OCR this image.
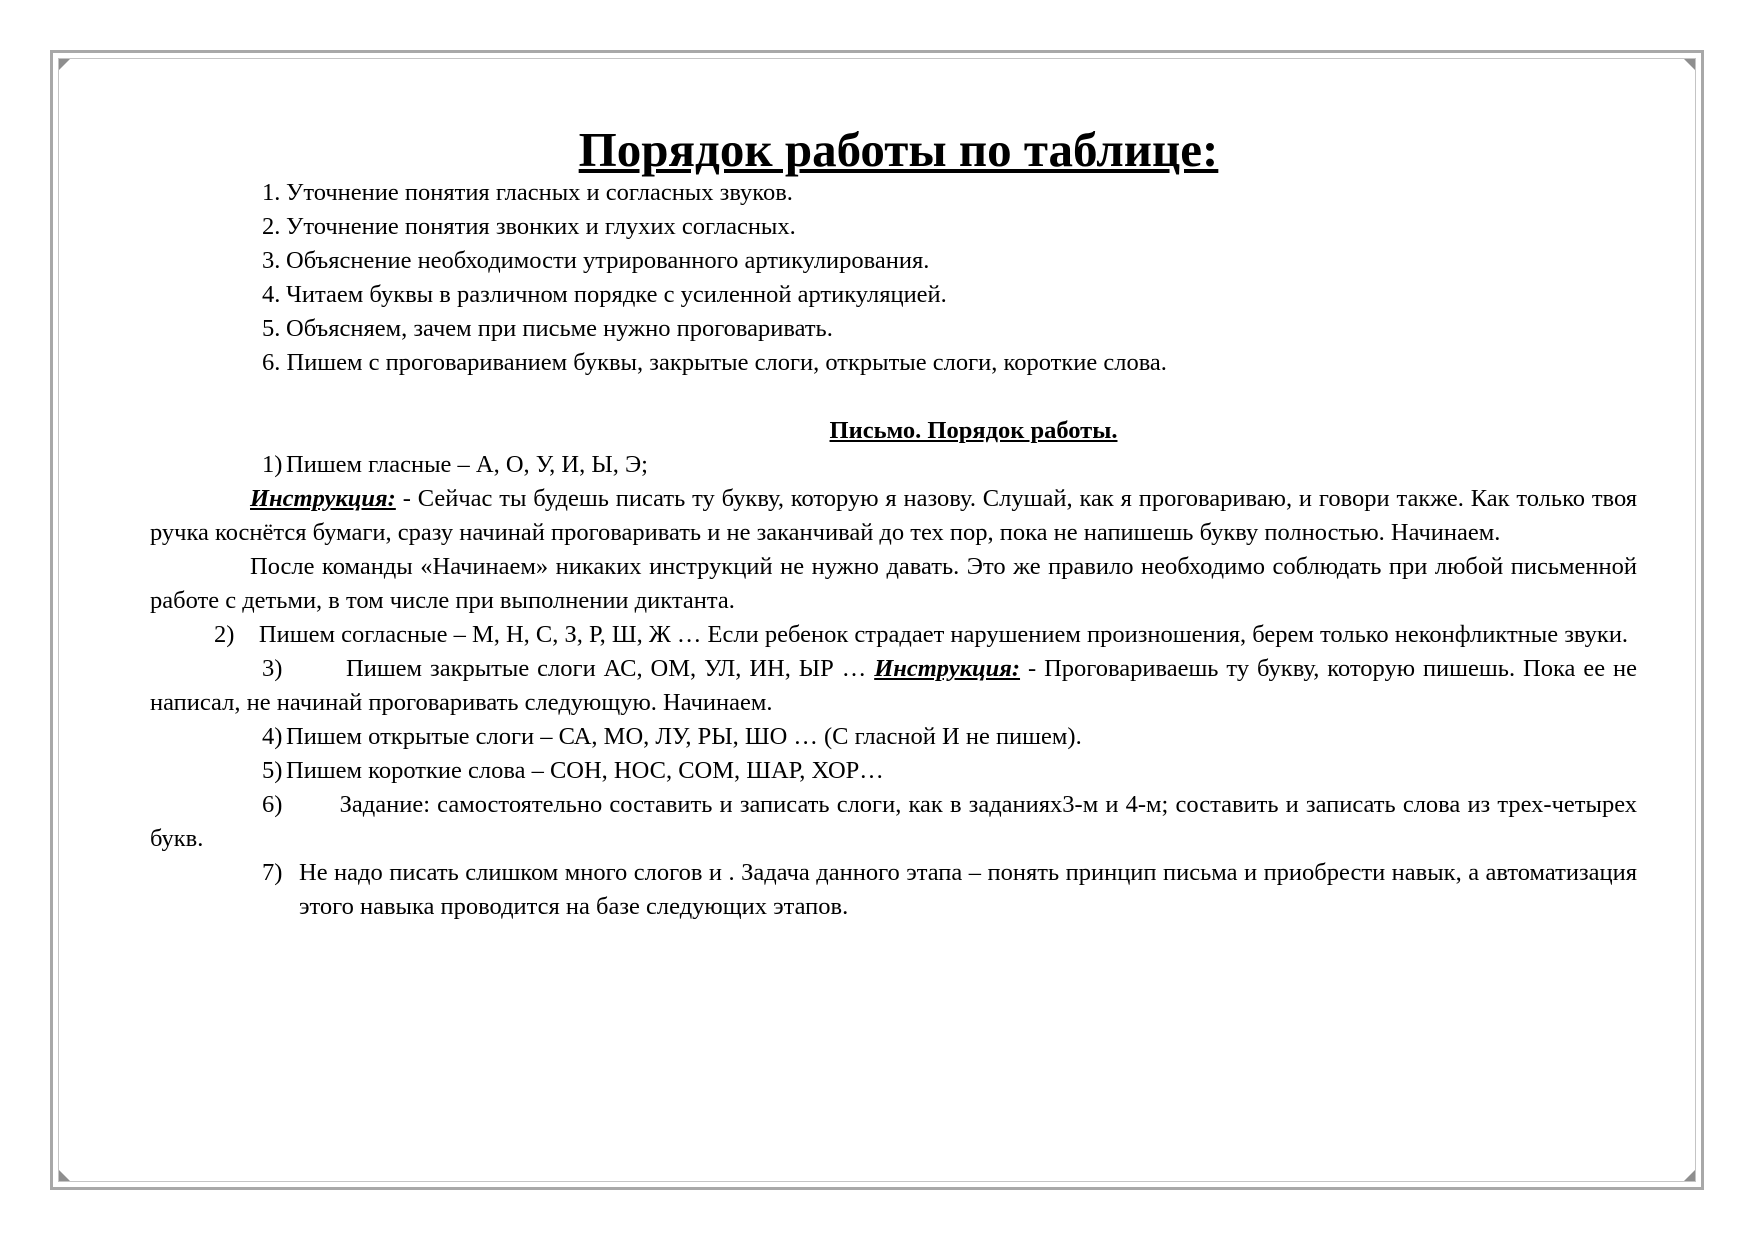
Порядок работы по таблице:
1. Уточнение понятия гласных и согласных звуков.
2. Уточнение понятия звонких и глухих согласных.
3. Объяснение необходимости утрированного артикулирования.
4. Читаем буквы в различном порядке с усиленной артикуляцией.
5. Объясняем, зачем при письме нужно проговаривать.
6. Пишем с проговариванием буквы, закрытые слоги, открытые слоги, короткие слова.
Письмо. Порядок работы.
1) Пишем гласные – А, О, У, И, Ы, Э;

Инструкция: - Сейчас ты будешь писать ту букву, которую я назову. Слушай, как я проговариваю, и говори также. Как только твоя ручка коснётся бумаги, сразу начинай проговаривать и не заканчивай до тех пор, пока не напишешь букву полностью. Начинаем.

После команды «Начинаем» никаких инструкций не нужно давать. Это же правило необходимо соблюдать при любой письменной работе с детьми, в том числе при выполнении диктанта.

2) Пишем согласные – М, Н, С, З, Р, Ш, Ж … Если ребенок страдает нарушением произношения, берем только неконфликтные звуки.

3)	Пишем закрытые слоги АС, ОМ, УЛ, ИН, ЫР … Инструкция: - Проговариваешь ту букву, которую пишешь. Пока ее не написал, не начинай проговаривать следующую. Начинаем.

4) Пишем открытые слоги – СА, МО, ЛУ, РЫ, ШО … (С гласной И не пишем).
5) Пишем короткие слова – СОН, НОС, СОМ, ШАР, ХОР…

6) Задание: самостоятельно составить и записать слоги, как в заданиях3-м и 4-м; составить и записать слова из трех-четырех букв.

7) Не надо писать слишком много слогов и . Задача данного этапа – понять принцип письма и приобрести навык, а автоматизация этого навыка проводится на базе следующих этапов.
